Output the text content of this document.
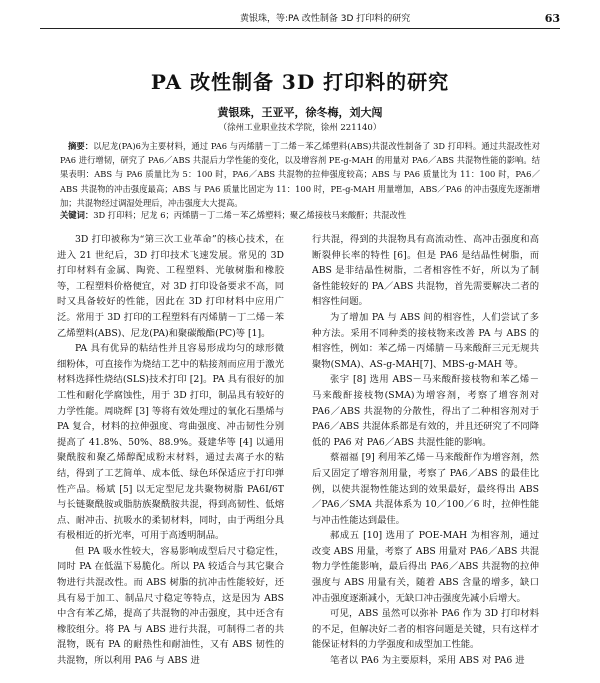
黄银珠，等:PA 改性制备 3D 打印料的研究	63
PA 改性制备 3D 打印料的研究
黄银珠，王亚平，徐冬梅，刘大闯
（徐州工业职业技术学院，徐州 221140）
摘要：以尼龙(PA)6为主要材料，通过 PA6 与丙烯腈－丁二烯－苯乙烯塑料(ABS)共混改性制备了 3D 打印料。通过共混改性对 PA6 进行增韧，研究了 PA6／ABS 共混后力学性能的变化，以及增容剂 PE-g-MAH 的用量对 PA6／ABS 共混物性能的影响。结果表明：ABS 与 PA6 质量比为 5：100 时，PA6／ABS 共混物的拉伸强度较高；ABS 与 PA6 质量比为 11：100 时，PA6／ABS 共混物的冲击强度最高；ABS 与 PA6 质量比固定为 11：100 时，PE-g-MAH 用量增加，ABS／PA6 的冲击强度先逐渐增加；共混物经过调湿处理后，冲击强度大大提高。
关键词：3D 打印料；尼龙 6；丙烯腈－丁二烯－苯乙烯塑料；聚乙烯接枝马来酸酐；共混改性

3D 打印被称为“第三次工业革命”的核心技术，在进入 21 世纪后，3D 打印技术飞速发展。常见的 3D 打印材料有金属、陶瓷、工程塑料、光敏树脂和橡胶等，工程塑料价格便宜，对 3D 打印设备要求不高，同时又具备较好的性能，因此在 3D 打印材料中应用广泛。常用于 3D 打印的工程塑料有丙烯腈－丁二烯－苯乙烯塑料(ABS)、尼龙(PA)和聚碳酸酯(PC)等 [1]。

PA 具有优异的粘结性并且容易形成均匀的球形微细粉体，可直接作为烧结工艺中的粘接剂而应用于激光材料选择性烧结(SLS)技术打印 [2]。PA 具有很好的加工性和耐化学腐蚀性，用于 3D 打印，制品具有较好的力学性能。周晓辉 [3] 等将有效处理过的氧化石墨烯与 PA 复合，材料的拉伸强度、弯曲强度、冲击韧性分别提高了 41.8%、50%、88.9%。聂建华等 [4] 以通用聚酰胺和聚乙烯醇配成粉末材料，通过去离子水的粘结，得到了工艺简单、成本低、绿色环保适应于打印弹性产品。杨斌 [5] 以无定型尼龙共聚物树脂 PA6I/6T 与长链聚酰胺或脂肪族聚酰胺共混，得到高韧性、低熔点、耐冲击、抗吸水的柔韧材料，同时，由于两组分具有极相近的折光率，可用于高透明制品。

但 PA 吸水性较大，容易影响成型后尺寸稳定性，同时 PA 在低温下易脆化。所以 PA 较适合与其它聚合物进行共混改性。而 ABS 树脂的抗冲击性能较好，还具有易于加工、制品尺寸稳定等特点，这是因为 ABS 中含有苯乙烯，提高了共混物的冲击强度，其中还含有橡胶组分。将 PA 与 ABS 进行共混，可制得二者的共混物，既有 PA 的耐热性和耐油性，又有 ABS 韧性的共混物，所以利用 PA6 与 ABS 进

行共混，得到的共混物具有高流动性、高冲击强度和高断裂伸长率的特性 [6]。但是 PA6 是结晶性树脂，而 ABS 是非结晶性树脂，二者相容性不好，所以为了制备性能较好的 PA／ABS 共混物，首先需要解决二者的相容性问题。

为了增加 PA 与 ABS 间的相容性，人们尝试了多种方法。采用不同种类的接枝物来改善 PA 与 ABS 的相容性，例如：苯乙烯－丙烯腈－马来酸酐三元无规共聚物(SMA)、AS-g-MAH[7]、MBS-g-MAH 等。

张宇 [8] 选用 ABS－马来酸酐接枝物和苯乙烯－马来酸酐接枝物(SMA)为增容剂，考察了增容剂对 PA6／ABS 共混物的分散性，得出了二种相容剂对于 PA6／ABS 共混体系都是有效的，并且还研究了不同降低的 PA6 对 PA6／ABS 共混性能的影响。

蔡福福 [9] 利用苯乙烯－马来酸酐作为增容剂，然后又固定了增容剂用量，考察了 PA6／ABS 的最佳比例，以使共混物性能达到的效果最好，最终得出 ABS／PA6／SMA 共混体系为 10／100／6 时，拉伸性能与冲击性能达到最佳。

郝成五 [10] 选用了 POE-MAH 为相容剂，通过改变 ABS 用量，考察了 ABS 用量对 PA6／ABS 共混物力学性能影响，最后得出 PA6／ABS 共混物的拉伸强度与 ABS 用量有关，随着 ABS 含量的增多，缺口冲击强度逐渐减小，无缺口冲击强度先减小后增大。

可见，ABS 虽然可以弥补 PA6 作为 3D 打印材料的不足，但解决好二者的相容问题是关键，只有这样才能保证材料的力学强度和成型加工性能。

笔者以 PA6 为主要原料，采用 ABS 对 PA6 进
